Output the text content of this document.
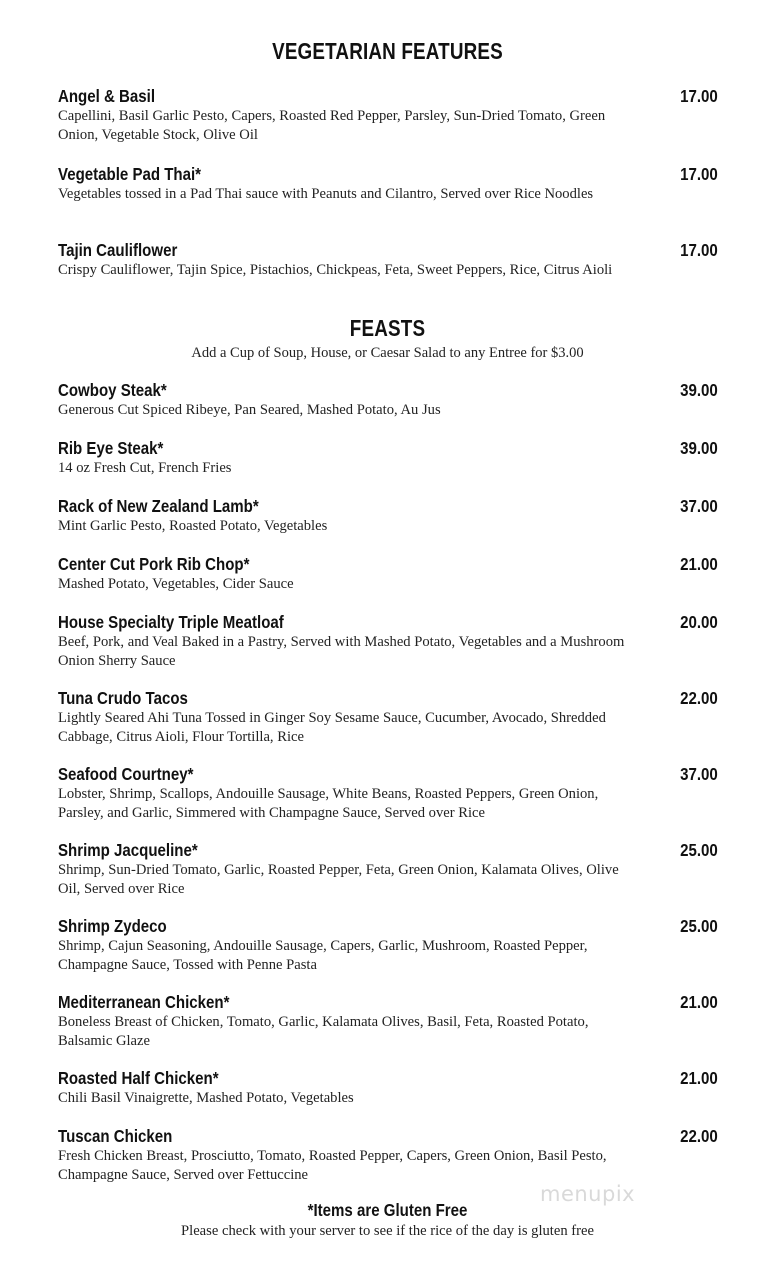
VEGETARIAN FEATURES
Angel & Basil	17.00
Capellini, Basil Garlic Pesto, Capers, Roasted Red Pepper, Parsley, Sun-Dried Tomato, Green Onion, Vegetable Stock, Olive Oil
Vegetable Pad Thai*	17.00
Vegetables tossed in a Pad Thai sauce with Peanuts and Cilantro, Served over Rice Noodles
Tajin Cauliflower	17.00
Crispy Cauliflower, Tajin Spice, Pistachios, Chickpeas, Feta, Sweet Peppers, Rice, Citrus Aioli
FEASTS
Add a Cup of Soup, House, or Caesar Salad to any Entree for $3.00
Cowboy Steak*	39.00
Generous Cut Spiced Ribeye, Pan Seared, Mashed Potato, Au Jus
Rib Eye Steak*	39.00
14 oz Fresh Cut, French Fries
Rack of New Zealand Lamb*	37.00
Mint Garlic Pesto, Roasted Potato, Vegetables
Center Cut Pork Rib Chop*	21.00
Mashed Potato, Vegetables, Cider Sauce
House Specialty Triple Meatloaf	20.00
Beef, Pork, and Veal Baked in a Pastry, Served with Mashed Potato, Vegetables and a Mushroom Onion Sherry Sauce
Tuna Crudo Tacos	22.00
Lightly Seared Ahi Tuna Tossed in Ginger Soy Sesame Sauce, Cucumber, Avocado, Shredded Cabbage, Citrus Aioli, Flour Tortilla, Rice
Seafood Courtney*	37.00
Lobster, Shrimp, Scallops, Andouille Sausage, White Beans, Roasted Peppers, Green Onion, Parsley, and Garlic, Simmered with Champagne Sauce, Served over Rice
Shrimp Jacqueline*	25.00
Shrimp, Sun-Dried Tomato, Garlic, Roasted Pepper, Feta, Green Onion, Kalamata Olives, Olive Oil, Served over Rice
Shrimp Zydeco	25.00
Shrimp, Cajun Seasoning, Andouille Sausage, Capers, Garlic, Mushroom, Roasted Pepper, Champagne Sauce, Tossed with Penne Pasta
Mediterranean Chicken*	21.00
Boneless Breast of Chicken, Tomato, Garlic, Kalamata Olives, Basil, Feta, Roasted Potato, Balsamic Glaze
Roasted Half Chicken*	21.00
Chili Basil Vinaigrette, Mashed Potato, Vegetables
Tuscan Chicken	22.00
Fresh Chicken Breast, Prosciutto, Tomato, Roasted Pepper, Capers, Green Onion, Basil Pesto, Champagne Sauce, Served over Fettuccine
menupix
*Items are Gluten Free
Please check with your server to see if the rice of the day is gluten free
